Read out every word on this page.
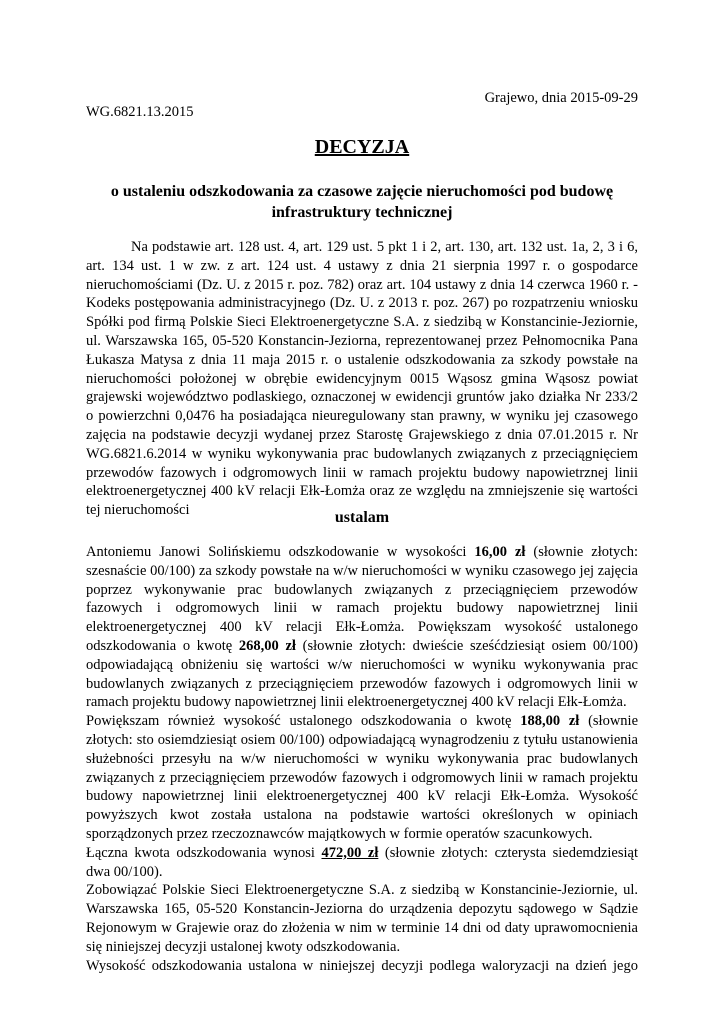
Grajewo, dnia 2015-09-29
WG.6821.13.2015
DECYZJA
o ustaleniu odszkodowania za czasowe zajęcie nieruchomości pod budowę infrastruktury technicznej
Na podstawie art. 128 ust. 4, art. 129 ust. 5 pkt 1 i 2, art. 130, art. 132 ust. 1a, 2, 3 i 6, art. 134 ust. 1 w zw. z art. 124 ust. 4 ustawy z dnia 21 sierpnia 1997 r. o gospodarce nieruchomościami (Dz. U. z 2015 r. poz. 782) oraz art. 104 ustawy z dnia 14 czerwca 1960 r. - Kodeks postępowania administracyjnego (Dz. U. z 2013 r. poz. 267) po rozpatrzeniu wniosku Spółki pod firmą Polskie Sieci Elektroenergetyczne S.A. z siedzibą w Konstancinie-Jeziornie, ul. Warszawska 165, 05-520 Konstancin-Jeziorna, reprezentowanej przez Pełnomocnika Pana Łukasza Matysa z dnia 11 maja 2015 r. o ustalenie odszkodowania za szkody powstałe na nieruchomości położonej w obrębie ewidencyjnym 0015 Wąsosz gmina Wąsosz powiat grajewski województwo podlaskiego, oznaczonej w ewidencji gruntów jako działka Nr 233/2 o powierzchni 0,0476 ha posiadająca nieuregulowany stan prawny, w wyniku jej czasowego zajęcia na podstawie decyzji wydanej przez Starostę Grajewskiego z dnia 07.01.2015 r. Nr WG.6821.6.2014 w wyniku wykonywania prac budowlanych związanych z przeciągnięciem przewodów fazowych i odgromowych linii w ramach projektu budowy napowietrznej linii elektroenergetycznej 400 kV relacji Ełk-Łomża oraz ze względu na zmniejszenie się wartości tej nieruchomości	ustalam

Antoniemu Janowi Solińskiemu odszkodowanie w wysokości 16,00 zł (słownie złotych: szesnaście 00/100) za szkody powstałe na w/w nieruchomości w wyniku czasowego jej zajęcia poprzez wykonywanie prac budowlanych związanych z przeciągnięciem przewodów fazowych i odgromowych linii w ramach projektu budowy napowietrznej linii elektroenergetycznej 400 kV relacji Ełk-Łomża. Powiększam wysokość ustalonego odszkodowania o kwotę 268,00 zł (słownie złotych: dwieście sześćdziesiąt osiem 00/100) odpowiadającą obniżeniu się wartości w/w nieruchomości w wyniku wykonywania prac budowlanych związanych z przeciągnięciem przewodów fazowych i odgromowych linii w ramach projektu budowy napowietrznej linii elektroenergetycznej 400 kV relacji Ełk-Łomża.

Powiększam również wysokość ustalonego odszkodowania o kwotę 188,00 zł (słownie złotych: sto osiemdziesiąt osiem 00/100) odpowiadającą wynagrodzeniu z tytułu ustanowienia służebności przesyłu na w/w nieruchomości w wyniku wykonywania prac budowlanych związanych z przeciągnięciem przewodów fazowych i odgromowych linii w ramach projektu budowy napowietrznej linii elektroenergetycznej 400 kV relacji Ełk-Łomża. Wysokość powyższych kwot została ustalona na podstawie wartości określonych w opiniach sporządzonych przez rzeczoznawców majątkowych w formie operatów szacunkowych.

Łączna kwota odszkodowania wynosi 472,00 zł (słownie złotych: czterysta siedemdziesiąt dwa 00/100).

Zobowiązać Polskie Sieci Elektroenergetyczne S.A. z siedzibą w Konstancinie-Jeziornie, ul. Warszawska 165, 05-520 Konstancin-Jeziorna do urządzenia depozytu sądowego w Sądzie Rejonowym w Grajewie oraz do złożenia w nim w terminie 14 dni od daty uprawomocnienia się niniejszej decyzji ustalonej kwoty odszkodowania.

Wysokość odszkodowania ustalona w niniejszej decyzji podlega waloryzacji na dzień jego
